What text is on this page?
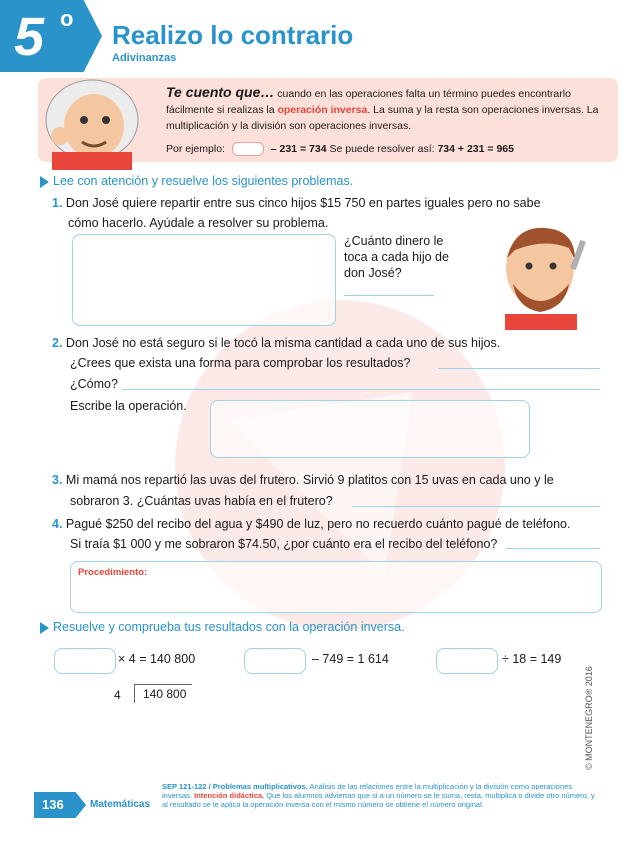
5 o
Realizo lo contrario
Adivinanzas
Te cuento que… cuando en las operaciones falta un término puedes encontrarlo fácilmente si realizas la operación inversa. La suma y la resta son operaciones inversas. La multiplicación y la división son operaciones inversas.
Por ejemplo:	– 231 = 734 Se puede resolver así: 734 + 231 = 965
Lee con atención y resuelve los siguientes problemas.
1. Don José quiere repartir entre sus cinco hijos $15 750 en partes iguales pero no sabe
cómo hacerlo. Ayúdale a resolver su problema.
¿Cuánto dinero le toca a cada hijo de don José?
2. Don José no está seguro si le tocó la misma cantidad a cada uno de sus hijos.
¿Crees que exista una forma para comprobar los resultados?
¿Cómo?
Escribe la operación.
3. Mi mamá nos repartió las uvas del frutero. Sirvió 9 platitos con 15 uvas en cada uno y le
sobraron 3. ¿Cuántas uvas había en el frutero?
4. Pagué $250 del recibo del agua y $490 de luz, pero no recuerdo cuánto pagué de teléfono.
Si traía $1 000 y me sobraron $74.50, ¿por cuánto era el recibo del teléfono?
Procedimiento:
Resuelve y comprueba tus resultados con la operación inversa.
× 4 = 140 800	– 749 = 1 614	÷ 18 = 149
4	140 800
136	Matemáticas
SEP 121-122 / Problemas multiplicativos. Análisis de las relaciones entre la multiplicación y la división como operaciones inversas. Intención didáctica. Que los alumnos adviertan que si a un número se le suma, resta, multiplica o divide otro número, y al resultado se le aplica la operación inversa con el mismo número se obtiene el número original.
© MONTENEGRO® 2016
